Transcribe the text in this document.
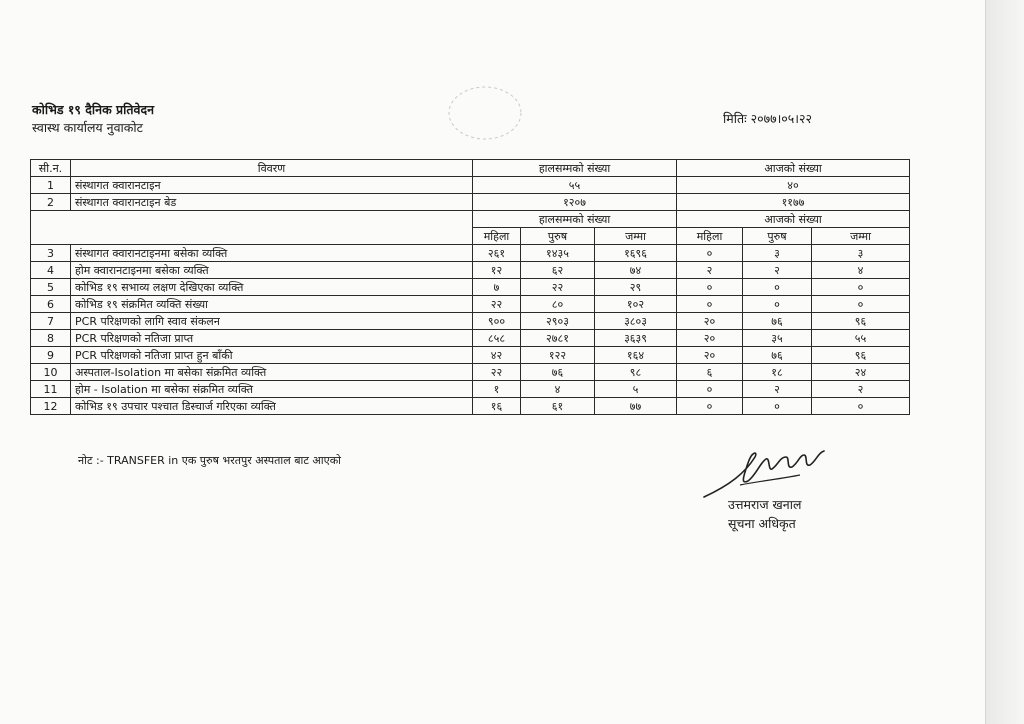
कोभिड १९ दैनिक प्रतिवेदन
स्वास्थ कार्यालय नुवाकोट
मितिः २०७७।०५।२२
सी.न.	विवरण	हालसम्मको संख्या			आजको संख्या		
1	संस्थागत क्वारानटाइन	५५			४०		
2	संस्थागत क्वारानटाइन बेड	१२०७			११७७		
		हालसम्मको संख्या			आजको संख्या		
		महिला	पुरुष	जम्मा	महिला	पुरुष	जम्मा
3	संस्थागत क्वारानटाइनमा बसेका व्यक्ति	२६१	१४३५	१६९६	०	३	३
4	होम क्वारानटाइनमा बसेका व्यक्ति	१२	६२	७४	२	२	४
5	कोभिड १९ सभाव्य लक्षण देखिएका व्यक्ति	७	२२	२९	०	०	०
6	कोभिड १९ संक्रमित व्यक्ति संख्या	२२	८०	१०२	०	०	०
7	PCR परिक्षणको लागि स्वाव संकलन	९००	२९०३	३८०३	२०	७६	९६
8	PCR परिक्षणको नतिजा प्राप्त	८५८	२७८१	३६३९	२०	३५	५५
9	PCR परिक्षणको नतिजा प्राप्त हुन बाँकी	४२	१२२	१६४	२०	७६	९६
10	अस्पताल-Isolation मा बसेका संक्रमित व्यक्ति	२२	७६	९८	६	१८	२४
11	होम - Isolation मा बसेका संक्रमित व्यक्ति	१	४	५	०	२	२
12	कोभिड १९ उपचार पश्चात डिस्चार्ज गरिएका व्यक्ति	१६	६१	७७	०	०	०
नोट :- TRANSFER in एक पुरुष भरतपुर अस्पताल बाट आएको
उत्तमराज खनाल
सूचना अधिकृत
